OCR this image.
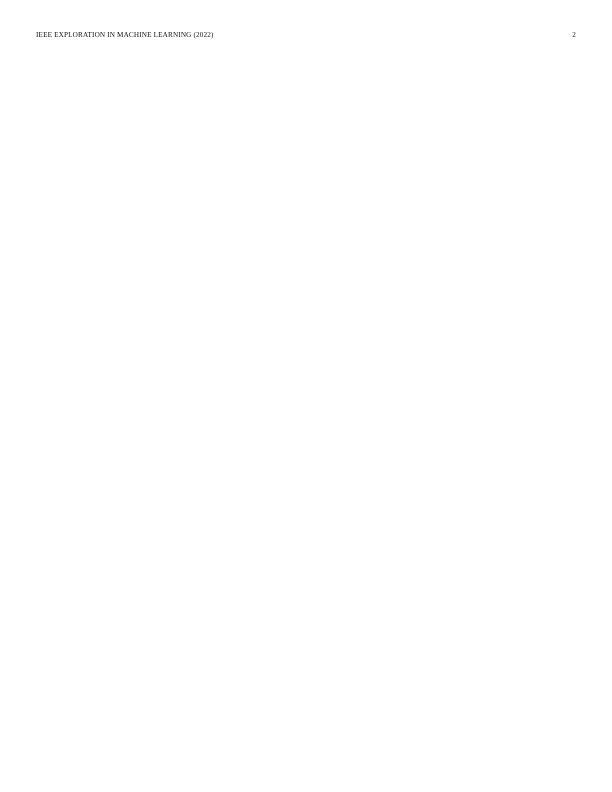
IEEE EXPLORATION IN MACHINE LEARNING (2022)	2
